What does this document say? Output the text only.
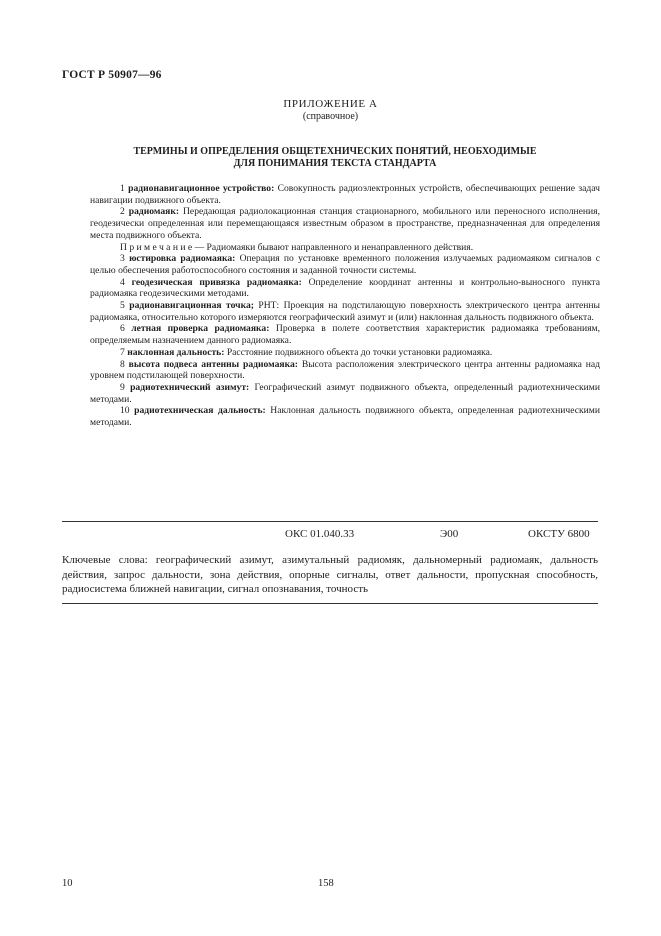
ГОСТ Р 50907—96
ПРИЛОЖЕНИЕ А
(справочное)
ТЕРМИНЫ И ОПРЕДЕЛЕНИЯ ОБЩЕТЕХНИЧЕСКИХ ПОНЯТИЙ, НЕОБХОДИМЫЕ
ДЛЯ ПОНИМАНИЯ ТЕКСТА СТАНДАРТА

1 радионавигационное устройство: Совокупность радиоэлектронных устройств, обеспечивающих решение задач навигации подвижного объекта.

2 радиомаяк: Передающая радиолокационная станция стационарного, мобильного или переносного исполнения, геодезически определенная или перемещающаяся известным образом в пространстве, предназначенная для определения места подвижного объекта.

Примечание— Радиомаяки бывают направленного и ненаправленного действия.

3 юстировка радиомаяка: Операция по установке временного положения излучаемых радиомаяком сигналов с целью обеспечения работоспособного состояния и заданной точности системы.

4 геодезическая привязка радиомаяка: Определение координат антенны и контрольно-выносного пункта радиомаяка геодезическими методами.

5 радионавигационная точка; РНТ: Проекция на подстилающую поверхность электрического центра антенны радиомаяка, относительно которого измеряются географический азимут и (или) наклонная дальность подвижного объекта.

6 летная проверка радиомаяка: Проверка в полете соответствия характеристик радиомаяка требованиям, определяемым назначением данного радиомаяка.

7 наклонная дальность: Расстояние подвижного объекта до точки установки радиомаяка.

8 высота подвеса антенны радиомаяка: Высота расположения электрического центра антенны радиомаяка над уровнем подстилающей поверхности.

9 радиотехнический азимут: Географический азимут подвижного объекта, определенный радиотехническими методами.

10 радиотехническая дальность: Наклонная дальность подвижного объекта, определенная радиотехническими методами.

ОКС 01.040.33	Э00	ОКСТУ 6800
Ключевые слова: географический азимут, азимутальный радиомяк, дальномерный радиомаяк, дальность действия, запрос дальности, зона действия, опорные сигналы, ответ дальности, пропускная способность, радиосистема ближней навигации, сигнал опознавания, точность
10	158
